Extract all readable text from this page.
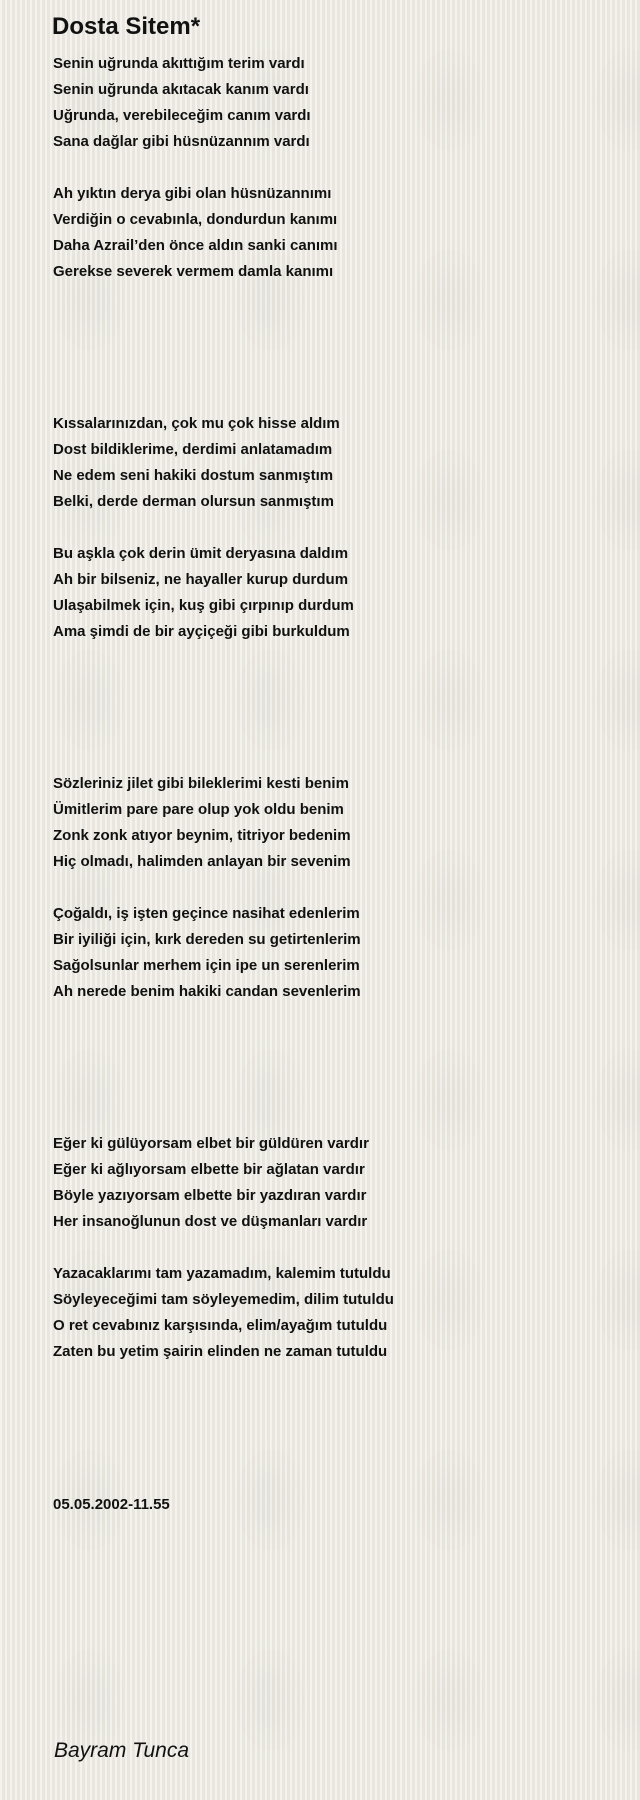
Dosta Sitem*
Senin uğrunda akıttığım terim vardı
Senin uğrunda akıtacak kanım vardı
Uğrunda, verebileceğim canım vardı
Sana dağlar gibi hüsnüzannım vardı
Ah yıktın derya gibi olan hüsnüzannımı
Verdiğin o cevabınla, dondurdun kanımı
Daha Azrail’den önce aldın sanki canımı
Gerekse severek vermem damla kanımı
Kıssalarınızdan, çok mu çok hisse aldım
Dost bildiklerime, derdimi anlatamadım
Ne edem seni hakiki dostum sanmıştım
Belki, derde derman olursun sanmıştım
Bu aşkla çok derin ümit deryasına daldım
Ah bir bilseniz, ne hayaller kurup durdum
Ulaşabilmek için, kuş gibi çırpınıp durdum
Ama şimdi de bir ayçiçeği gibi burkuldum
Sözleriniz jilet gibi bileklerimi kesti benim
Ümitlerim pare pare olup yok oldu benim
Zonk zonk atıyor beynim, titriyor bedenim
Hiç olmadı, halimden anlayan bir sevenim
Çoğaldı, iş işten geçince nasihat edenlerim
Bir iyiliği için, kırk dereden su getirtenlerim
Sağolsunlar merhem için ipe un serenlerim
Ah nerede benim hakiki candan sevenlerim
Eğer ki gülüyorsam elbet bir güldüren vardır
Eğer ki ağlıyorsam elbette bir ağlatan vardır
Böyle yazıyorsam elbette bir yazdıran vardır
Her insanoğlunun dost ve düşmanları vardır
Yazacaklarımı tam yazamadım, kalemim tutuldu
Söyleyeceğimi tam söyleyemedim, dilim tutuldu
O ret cevabınız karşısında, elim/ayağım tutuldu
Zaten bu yetim şairin elinden ne zaman tutuldu
05.05.2002-11.55
Bayram Tunca
